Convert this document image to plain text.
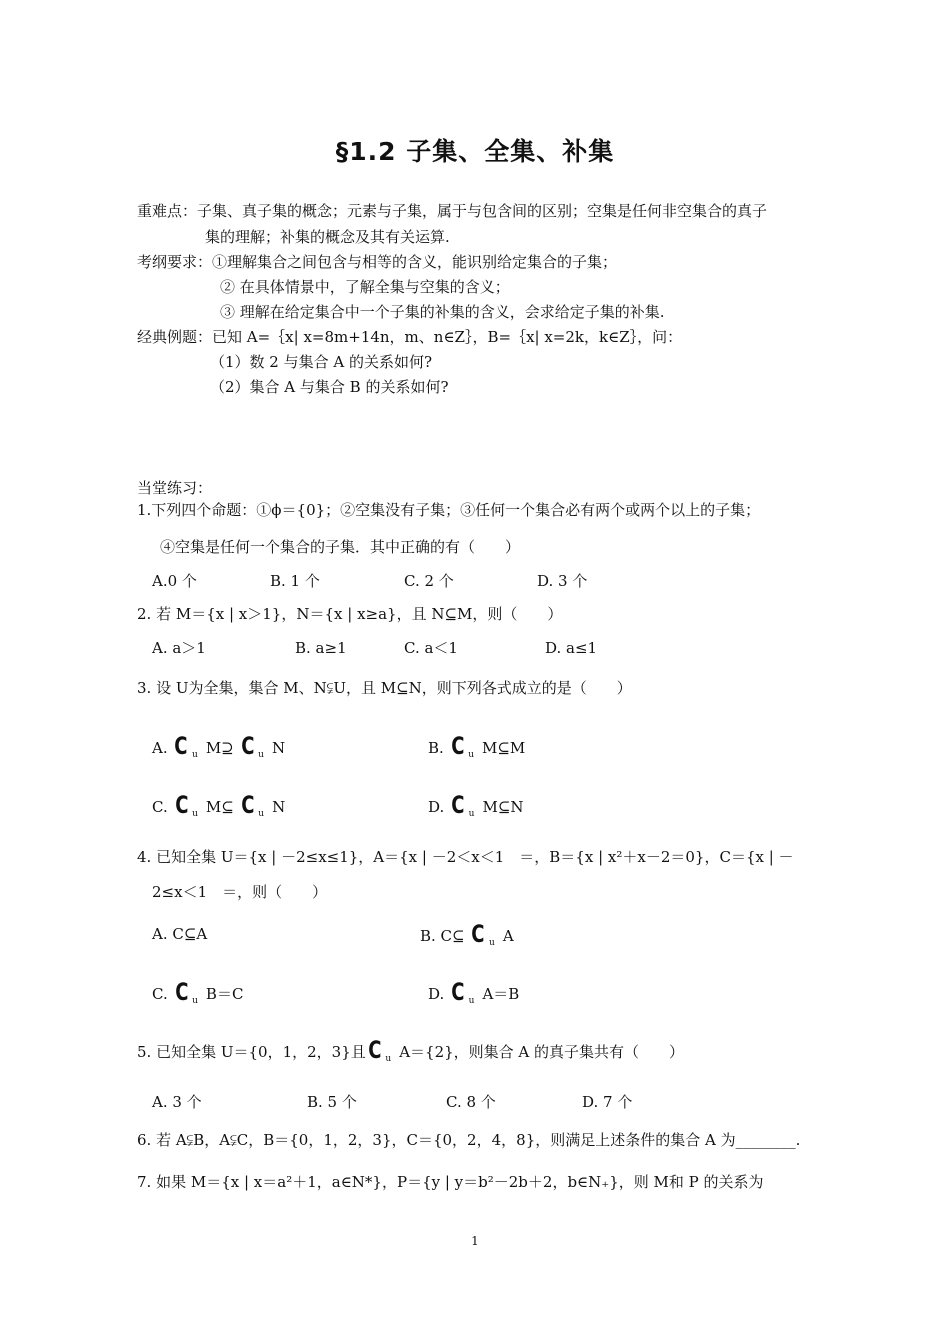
§1.2 子集、全集、补集
重难点：子集、真子集的概念；元素与子集，属于与包含间的区别；空集是任何非空集合的真子
集的理解；补集的概念及其有关运算.
考纲要求：①理解集合之间包含与相等的含义，能识别给定集合的子集；
② 在具体情景中，了解全集与空集的含义；
③ 理解在给定集合中一个子集的补集的含义，会求给定子集的补集.
经典例题：已知 A=｛x| x=8m+14n，m、n∈Z｝，B=｛x| x=2k，k∈Z｝，问：
（1）数 2 与集合 A 的关系如何?
（2）集合 A 与集合 B 的关系如何?
当堂练习：
1.下列四个命题：①ϕ＝{0}；②空集没有子集；③任何一个集合必有两个或两个以上的子集；
④空集是任何一个集合的子集．其中正确的有（　　）
A.0 个	B. 1 个	C. 2 个	D. 3 个
2. 若 M＝{x | x＞1}，N＝{x | x≥a}，且 N⊆M，则（　　）
A. a＞1	B. a≥1	C. a＜1	D. a≤1
3. 设 U为全集，集合 M、N⫋U，且 M⊆N，则下列各式成立的是（　　）
A. C $_u$ M⊇ C $_u$ N	B. C $_u$ M⊆M
C. C $_u$ M⊆ C $_u$ N	D. C $_u$ M⊆N
4. 已知全集 U＝{x | －2≤x≤1}，A＝{x | －2＜x＜1　＝，B＝{x | x²＋x－2＝0}，C＝{x | －
2≤x＜1　＝，则（　　）
A. C⊆A	B. C⊆ C $_u$ A
C. C $_u$ B＝C	D. C $_u$ A＝B
5. 已知全集 U＝{0，1，2，3}且C $_u$ A＝{2}，则集合 A 的真子集共有（　　）
A. 3 个	B. 5 个	C. 8 个	D. 7 个
6. 若 A⫋B，A⫋C，B＝{0，1，2，3}，C＝{0，2，4，8}，则满足上述条件的集合 A 为________.
7. 如果 M＝{x | x＝a²＋1，a∈N*}，P＝{y | y＝b²－2b＋2，b∈N₊}，则 M和 P 的关系为
1
